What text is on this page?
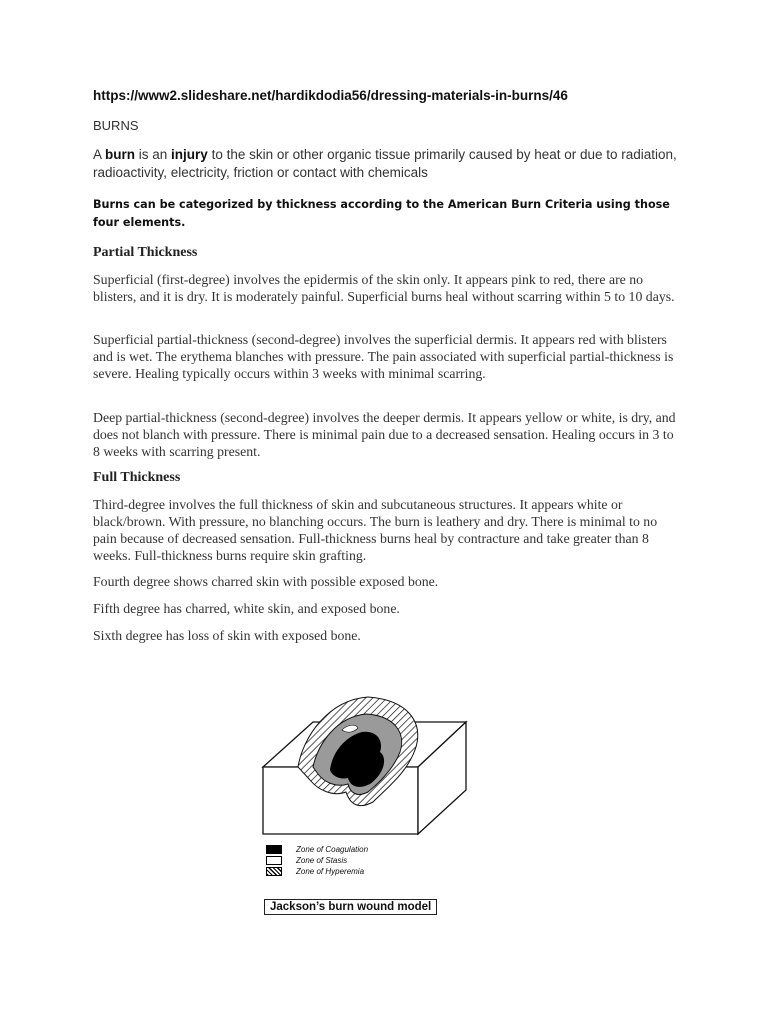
https://www2.slideshare.net/hardikdodia56/dressing-materials-in-burns/46
BURNS
A burn is an injury to the skin or other organic tissue primarily caused by heat or due to radiation, radioactivity, electricity, friction or contact with chemicals
Burns can be categorized by thickness according to the American Burn Criteria using those four elements.
Partial Thickness

Superficial (first-degree) involves the epidermis of the skin only. It appears pink to red, there are no blisters, and it is dry. It is moderately painful. Superficial burns heal without scarring within 5 to 10 days.

Superficial partial-thickness (second-degree) involves the superficial dermis. It appears red with blisters and is wet. The erythema blanches with pressure. The pain associated with superficial partial-thickness is severe. Healing typically occurs within 3 weeks with minimal scarring.

Deep partial-thickness (second-degree) involves the deeper dermis. It appears yellow or white, is dry, and does not blanch with pressure. There is minimal pain due to a decreased sensation. Healing occurs in 3 to 8 weeks with scarring present.

Full Thickness

Third-degree involves the full thickness of skin and subcutaneous structures. It appears white or black/brown. With pressure, no blanching occurs. The burn is leathery and dry. There is minimal to no pain because of decreased sensation. Full-thickness burns heal by contracture and take greater than 8 weeks. Full-thickness burns require skin grafting.

Fourth degree shows charred skin with possible exposed bone.

Fifth degree has charred, white skin, and exposed bone.

Sixth degree has loss of skin with exposed bone.

Zone of Coagulation
Zone of Stasis
Zone of Hyperemia
Jackson’s burn wound model
